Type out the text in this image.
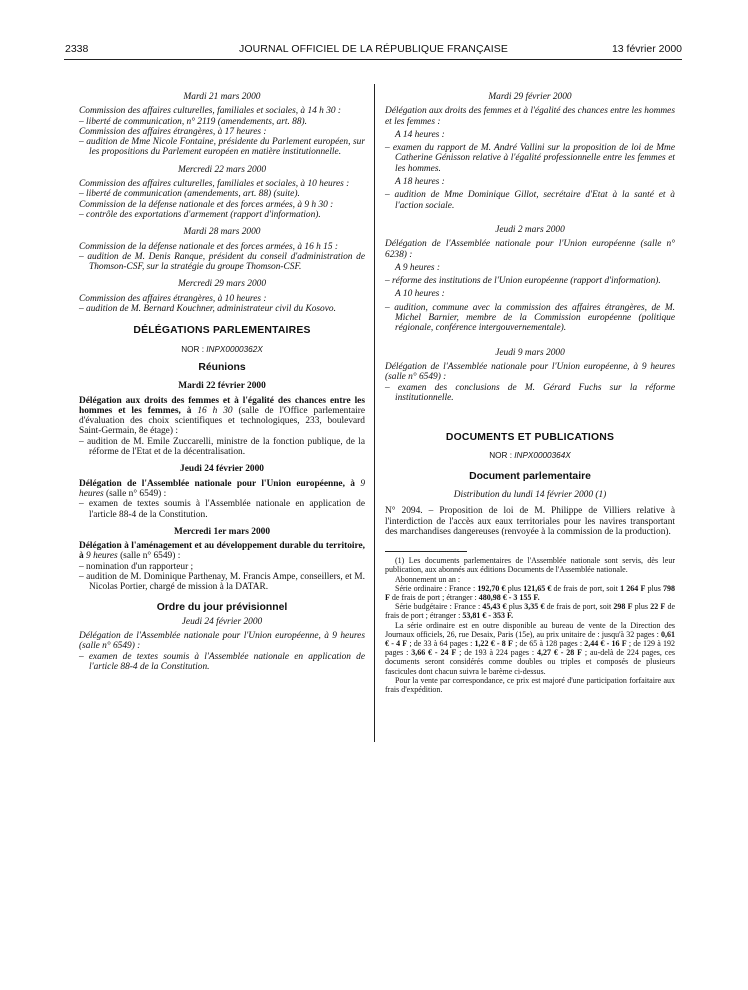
2338	JOURNAL OFFICIEL DE LA RÉPUBLIQUE FRANÇAISE	13 février 2000

Mardi 21 mars 2000

Commission des affaires culturelles, familiales et sociales, à 14 h 30 :

– liberté de communication, n° 2119 (amendements, art. 88).

Commission des affaires étrangères, à 17 heures :

– audition de Mme Nicole Fontaine, présidente du Parlement européen, sur les propositions du Parlement européen en matière institutionnelle.

Mercredi 22 mars 2000

Commission des affaires culturelles, familiales et sociales, à 10 heures :

– liberté de communication (amendements, art. 88) (suite).

Commission de la défense nationale et des forces armées, à 9 h 30 :

– contrôle des exportations d'armement (rapport d'information).

Mardi 28 mars 2000

Commission de la défense nationale et des forces armées, à 16 h 15 :

– audition de M. Denis Ranque, président du conseil d'administration de Thomson-CSF, sur la stratégie du groupe Thomson-CSF.

Mercredi 29 mars 2000

Commission des affaires étrangères, à 10 heures :

– audition de M. Bernard Kouchner, administrateur civil du Kosovo.

DÉLÉGATIONS PARLEMENTAIRES

NOR : INPX0000362X

Réunions

Mardi 22 février 2000

Délégation aux droits des femmes et à l'égalité des chances entre les hommes et les femmes, à 16 h 30 (salle de l'Office parlementaire d'évaluation des choix scientifiques et technologiques, 233, boulevard Saint-Germain, 8e étage) :

– audition de M. Emile Zuccarelli, ministre de la fonction publique, de la réforme de l'Etat et de la décentralisation.

Jeudi 24 février 2000

Délégation de l'Assemblée nationale pour l'Union européenne, à 9 heures (salle n° 6549) :

– examen de textes soumis à l'Assemblée nationale en application de l'article 88-4 de la Constitution.

Mercredi 1er mars 2000

Délégation à l'aménagement et au développement durable du territoire, à 9 heures (salle n° 6549) :

– nomination d'un rapporteur ;

– audition de M. Dominique Parthenay, M. Francis Ampe, conseillers, et M. Nicolas Portier, chargé de mission à la DATAR.

Ordre du jour prévisionnel

Jeudi 24 février 2000

Délégation de l'Assemblée nationale pour l'Union européenne, à 9 heures (salle n° 6549) :

– examen de textes soumis à l'Assemblée nationale en application de l'article 88-4 de la Constitution.

Mardi 29 février 2000

Délégation aux droits des femmes et à l'égalité des chances entre les hommes et les femmes :

A 14 heures :

– examen du rapport de M. André Vallini sur la proposition de loi de Mme Catherine Génisson relative à l'égalité professionnelle entre les femmes et les hommes.

A 18 heures :

– audition de Mme Dominique Gillot, secrétaire d'Etat à la santé et à l'action sociale.

Jeudi 2 mars 2000

Délégation de l'Assemblée nationale pour l'Union européenne (salle n° 6238) :

A 9 heures :

– réforme des institutions de l'Union européenne (rapport d'information).

A 10 heures :

– audition, commune avec la commission des affaires étrangères, de M. Michel Barnier, membre de la Commission européenne (politique régionale, conférence intergouvernementale).

Jeudi 9 mars 2000

Délégation de l'Assemblée nationale pour l'Union européenne, à 9 heures (salle n° 6549) :

– examen des conclusions de M. Gérard Fuchs sur la réforme institutionnelle.

DOCUMENTS ET PUBLICATIONS

NOR : INPX0000364X

Document parlementaire

Distribution du lundi 14 février 2000 (1)

N° 2094. – Proposition de loi de M. Philippe de Villiers relative à l'interdiction de l'accès aux eaux territoriales pour les navires transportant des marchandises dangereuses (renvoyée à la commission de la production).

(1) Les documents parlementaires de l'Assemblée nationale sont servis, dès leur publication, aux abonnés aux éditions Documents de l'Assemblée nationale.

Abonnement un an :

Série ordinaire : France : 192,70 € plus 121,65 € de frais de port, soit 1 264 F plus 798 F de frais de port ; étranger : 480,98 € - 3 155 F.

Série budgétaire : France : 45,43 € plus 3,35 € de frais de port, soit 298 F plus 22 F de frais de port ; étranger : 53,81 € - 353 F.

La série ordinaire est en outre disponible au bureau de vente de la Direction des Journaux officiels, 26, rue Desaix, Paris (15e), au prix unitaire de : jusqu'à 32 pages : 0,61 € - 4 F ; de 33 à 64 pages : 1,22 € - 8 F ; de 65 à 128 pages : 2,44 € - 16 F ; de 129 à 192 pages : 3,66 € - 24 F ; de 193 à 224 pages : 4,27 € - 28 F ; au-delà de 224 pages, ces documents seront considérés comme doubles ou triples et composés de plusieurs fascicules dont chacun suivra le barème ci-dessus.

Pour la vente par correspondance, ce prix est majoré d'une participation forfaitaire aux frais d'expédition.
